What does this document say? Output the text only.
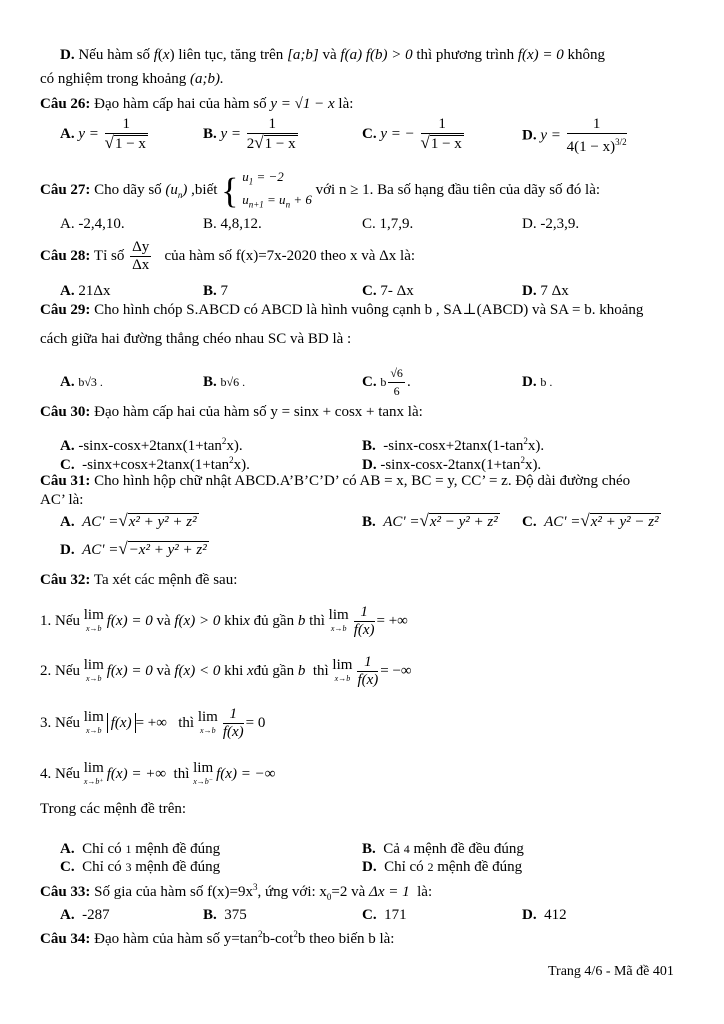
D. Nếu hàm số f(x) liên tục, tăng trên [a;b] và f(a) f(b) > 0 thì phương trình f(x) = 0 không
có nghiệm trong khoảng (a;b).
Câu 26: Đạo hàm cấp hai của hàm số y = √1 − x là:
A. $y = \frac{1}{√1 - x}$	B. $y = \frac{1}{2√1 - x}$	C. y = − $\frac{1}{√1 - x}$	D. $y = \frac{1}{4(1 - x)^{3/2}}$
Câu 27: Cho dãy số $(u_n)$ ,biết { $u_1 = -2$
$u_{n+1} = u_n + 6$
với n ≥ 1. Ba số hạng đầu tiên của dãy số đó là:
A. -2,4,10.	B. 4,8,12.	C. 1,7,9.	D. -2,3,9.
Câu 28: Tỉ số $\frac{\Delta y}{\Delta x}$ của hàm số f(x)=7x-2020 theo x và Δx là:
A. 21Δx	B. 7	C. 7- Δx	D. 7 Δx
Câu 29: Cho hình chóp S.ABCD có ABCD là hình vuông cạnh b , SA⊥(ABCD) và SA = b. khoảng
cách giữa hai đường thẳng chéo nhau SC và BD là :
A. b√3 .	B. b√6 .	C. b $\frac{√6}{6}$ .	D. b .
Câu 30: Đạo hàm cấp hai của hàm số y = sinx + cosx + tanx là:
A. $-\sin x-\cos x+2\tan x(1+\tan^2x)$.	B. $-\sin x-\cos x+2\tan x(1-\tan^2x)$.
C. $-\sin x+\cos x+2\tan x(1+\tan^2x)$.	D. $-\sin x-\cos x-2\tan x(1+\tan^2x)$.
Câu 31: Cho hình hộp chữ nhật ABCD.A’B’C’D’ có AB = x, BC = y, CC’ = z. Độ dài đường chéo
AC’ là:
A. AC' =√x² + y² + z²	B. AC' =√x² − y² + z² C. AC' =√x² + y² − z²
D. AC' =√−x² + y² + z²
Câu 32: Ta xét các mệnh đề sau:
1. Nếu lim
x→b f(x) = 0 và f(x) > 0 khix đủ gần b thì lim
$x\to b \frac{1}{f(x)}$ = +∞
2. Nếu lim
x→b f(x) = 0 và f(x) < 0 khi xđủ gần b thì lim
$x\to b \frac{1}{f(x)}$ = −∞
3. Nếu lim
x→b f(x) = +∞ thì lim
$x\to b \frac{1}{f(x)} = 0$
4. Nếu lim
x→b⁺ f(x) = +∞ thì lim
x→b⁻ f(x) = −∞
Trong các mệnh đề trên:
A. Chỉ có 1 mệnh đề đúng	B. Cả 4 mệnh đề đều đúng
C. Chỉ có 3 mệnh đề đúng	D. Chỉ có 2 mệnh đề đúng
Câu 33: Số gia của hàm số $f(x)=9x^3$, ứng với: $x_0=2$ và Δx = 1 là:
A. -287	B. 375	C. 171	D. 412
Câu 34: Đạo hàm của hàm số $y=\tan^2b-\cot^2b$ theo biến b là:
Trang 4/6 - Mã đề 401
